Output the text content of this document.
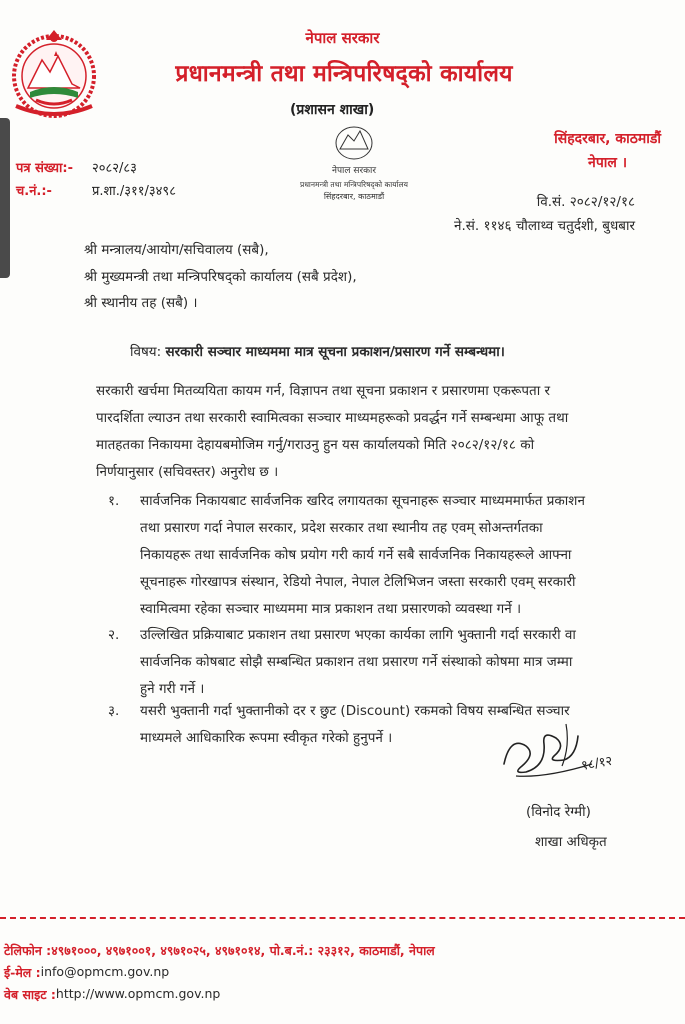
नेपाल सरकार
प्रधानमन्त्री तथा मन्त्रिपरिषद्को कार्यालय
(प्रशासन शाखा)
नेपाल सरकार
प्रधानमन्त्री तथा मन्त्रिपरिषद्को कार्यालय
सिंहदरबार, काठमाडौं
सिंहदरबार, काठमाडौं
नेपाल ।
पत्र संख्या:-	२०८२/८३
च.नं.:-	प्र.शा./३११/३४९८
वि.सं. २०८२/१२/१८
ने.सं. ११४६ चौलाथ्व चतुर्दशी, बुधबार
श्री मन्त्रालय/आयोग/सचिवालय (सबै),
श्री मुख्यमन्त्री तथा मन्त्रिपरिषद्को कार्यालय (सबै प्रदेश),
श्री स्थानीय तह (सबै) ।
विषय: सरकारी सञ्चार माध्यममा मात्र सूचना प्रकाशन/प्रसारण गर्ने सम्बन्धमा।
सरकारी खर्चमा मितव्ययिता कायम गर्न, विज्ञापन तथा सूचना प्रकाशन र प्रसारणमा एकरूपता र
पारदर्शिता ल्याउन तथा सरकारी स्वामित्वका सञ्चार माध्यमहरूको प्रवर्द्धन गर्ने सम्बन्धमा आफू तथा
मातहतका निकायमा देहायबमोजिम गर्नु/गराउनु हुन यस कार्यालयको मिति २०८२/१२/१८ को
निर्णयानुसार (सचिवस्तर) अनुरोध छ ।
१.	सार्वजनिक निकायबाट सार्वजनिक खरिद लगायतका सूचनाहरू सञ्चार माध्यममार्फत प्रकाशन
तथा प्रसारण गर्दा नेपाल सरकार, प्रदेश सरकार तथा स्थानीय तह एवम् सोअन्तर्गतका
निकायहरू तथा सार्वजनिक कोष प्रयोग गरी कार्य गर्ने सबै सार्वजनिक निकायहरूले आफ्ना
सूचनाहरू गोरखापत्र संस्थान, रेडियो नेपाल, नेपाल टेलिभिजन जस्ता सरकारी एवम् सरकारी
स्वामित्वमा रहेका सञ्चार माध्यममा मात्र प्रकाशन तथा प्रसारणको व्यवस्था गर्ने ।
२.	उल्लिखित प्रक्रियाबाट प्रकाशन तथा प्रसारण भएका कार्यका लागि भुक्तानी गर्दा सरकारी वा
सार्वजनिक कोषबाट सोझै सम्बन्धित प्रकाशन तथा प्रसारण गर्ने संस्थाको कोषमा मात्र जम्मा
हुने गरी गर्ने ।
३.	यसरी भुक्तानी गर्दा भुक्तानीको दर र छुट (Discount) रकमको विषय सम्बन्धित सञ्चार
माध्यमले आधिकारिक रूपमा स्वीकृत गरेको हुनुपर्ने ।
१८/१२
(विनोद रेग्मी)
शाखा अधिकृत
टेलिफोन : ४९७१०००, ४९७१००१, ४९७१०२५, ४९७१०१४, पो.ब.नं.: २३३१२, काठमाडौं, नेपाल
ई-मेल : info@opmcm.gov.np
वेब साइट : http://www.opmcm.gov.np
